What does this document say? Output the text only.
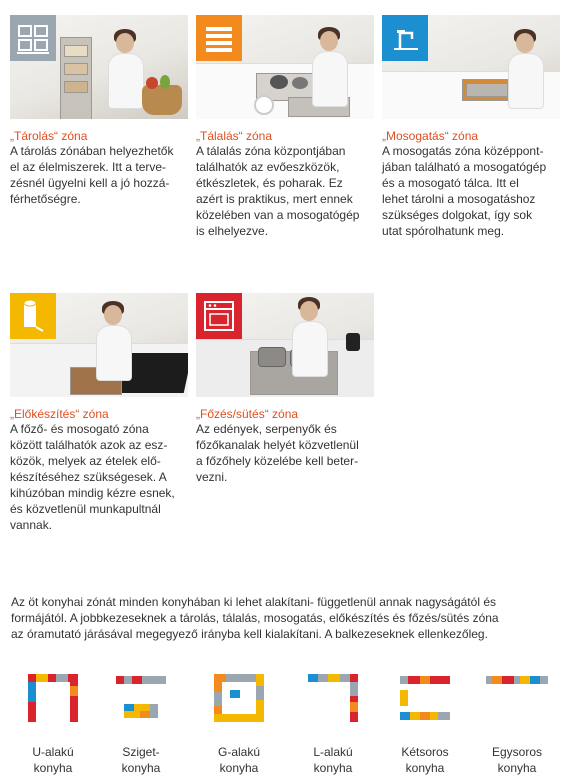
„Tárolás“ zóna
A tárolás zónában helyezhetők
el az élelmiszerek. Itt a terve-
zésnél ügyelni kell a jó hozzá-
férhetőségre.
„Tálalás“ zóna
A tálalás zóna központjában
találhatók az evőeszközök,
étkészletek, és poharak. Ez
azért is praktikus, mert ennek
közelében van a mosogatógép
is elhelyezve.
„Mosogatás“ zóna
A mosogatás zóna középpont-
jában található a mosogatógép
és a mosogató tálca. Itt el
lehet tárolni a mosogatáshoz
szükséges dolgokat, így sok
utat spórolhatunk meg.
„Előkészítés“ zóna
A főző- és mosogató zóna
között találhatók azok az esz-
közök, melyek az ételek elő-
készítéséhez szükségesek. A
kihúzóban mindig kézre esnek,
és közvetlenül munkapultnál
vannak.
„Főzés/sütés“ zóna
Az edények, serpenyők és
főzőkanalak helyét közvetlenül
a főzőhely közelébe kell beter-
vezni.
Az öt konyhai zónát minden konyhában ki lehet alakítani- függetlenül annak nagyságától és
formájától. A jobbkezeseknek a tárolás, tálalás, mosogatás, előkészítés és főzés/sütés zóna
az óramutató járásával megegyező irányba kell kialakítani. A balkezeseknek ellenkezőleg.
U-alakú
konyha
Sziget-
konyha
G-alakú
konyha
L-alakú
konyha
Kétsoros
konyha
Egysoros
konyha
